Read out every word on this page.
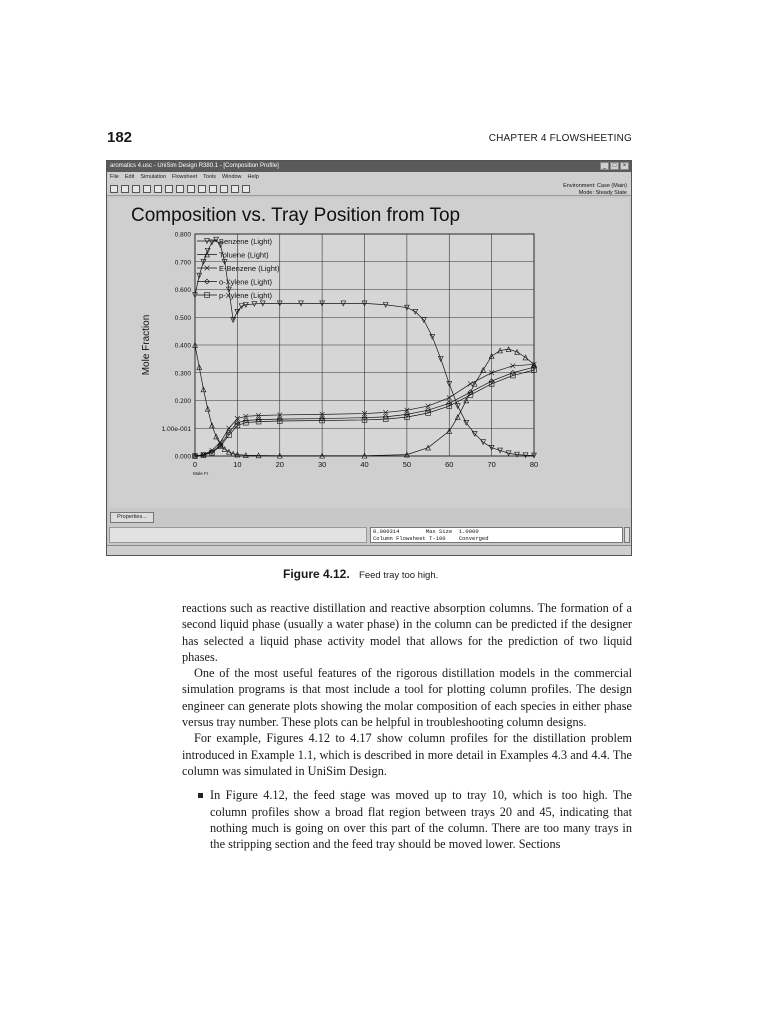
182	CHAPTER 4 FLOWSHEETING
aromatics 4.usc - UniSim Design R380.1 - [Composition Profile]	_	□	×
File Edit Simulation Flowsheet Tools Window Help
Environment: Case (Main)
Mode: Steady State
Composition vs. Tray Position from Top
0	10	20	30	40	50	60	70	80
0.000
1.00e-001
0.200
0.300
0.400
0.500
0.600
0.700
0.800
Mole Fr
Mole Fraction
Benzene (Light)
Toluene (Light)
E-Benzene (Light)
o-Xylene (Light)
p-Xylene (Light)
Properties...
0.000314        Max Size  1.0000
Column Flowsheet T-100    Converged
Figure 4.12. Feed tray too high.

reactions such as reactive distillation and reactive absorption columns. The formation of a second liquid phase (usually a water phase) in the column can be predicted if the designer has selected a liquid phase activity model that allows for the prediction of two liquid phases.

One of the most useful features of the rigorous distillation models in the commercial simulation programs is that most include a tool for plotting column profiles. The design engineer can generate plots showing the molar composition of each species in either phase versus tray number. These plots can be helpful in troubleshooting column designs.

For example, Figures 4.12 to 4.17 show column profiles for the distillation problem introduced in Example 1.1, which is described in more detail in Examples 4.3 and 4.4. The column was simulated in UniSim Design.

In Figure 4.12, the feed stage was moved up to tray 10, which is too high. The column profiles show a broad flat region between trays 20 and 45, indicating that nothing much is going on over this part of the column. There are too many trays in the stripping section and the feed tray should be moved lower. Sections
